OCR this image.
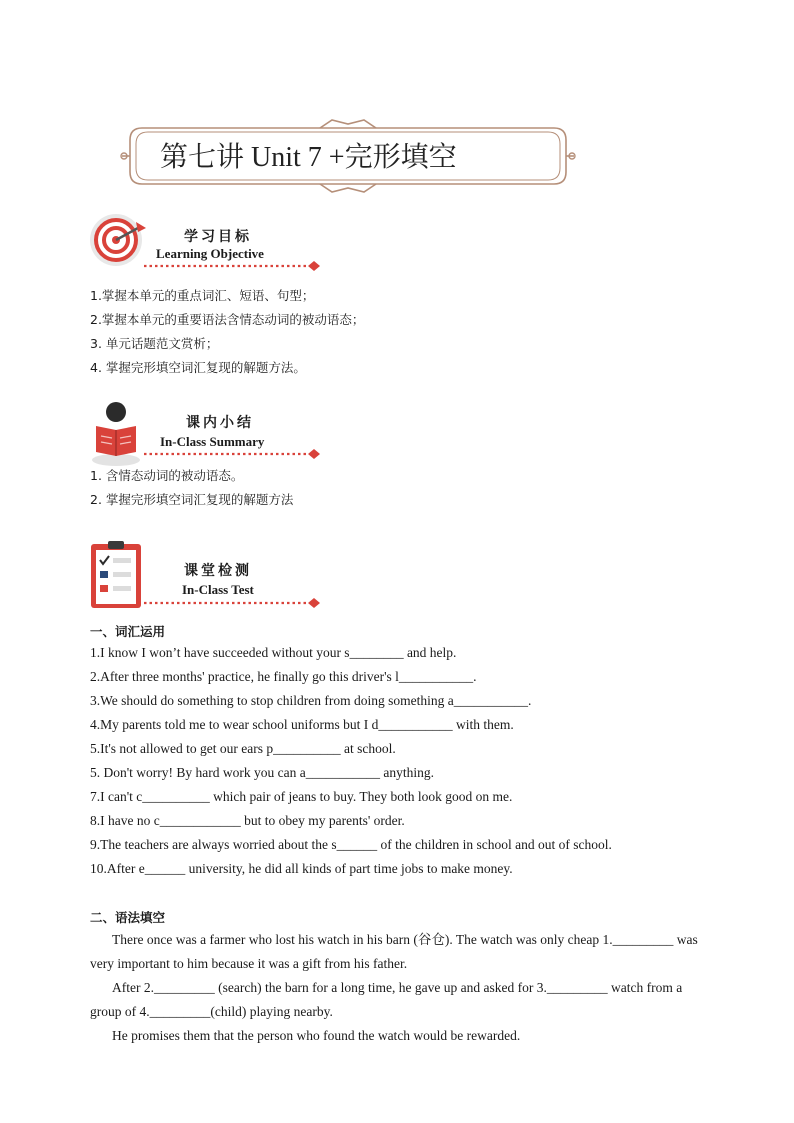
第七讲 Unit 7 +完形填空
学习目标
Learning Objective
1.掌握本单元的重点词汇、短语、句型；
2.掌握本单元的重要语法含情态动词的被动语态；
3. 单元话题范文赏析；
4. 掌握完形填空词汇复现的解题方法。
课内小结
In-Class Summary
1. 含情态动词的被动语态。
2. 掌握完形填空词汇复现的解题方法
课堂检测
In-Class Test
一、词汇运用
1.I know I won’t have succeeded without your s________ and help.
2.After three months' practice, he finally go this driver's l___________.
3.We should do something to stop children from doing something a___________.
4.My parents told me to wear school uniforms but I d___________ with them.
5.It's not allowed to get our ears p__________ at school.
5. Don't worry! By hard work you can a___________ anything.
7.I can't c__________ which pair of jeans to buy. They both look good on me.
8.I have no c____________ but to obey my parents' order.
9.The teachers are always worried about the s______ of the children in school and out of school.
10.After e______ university, he did all kinds of part time jobs to make money.
二、语法填空
There once was a farmer who lost his watch in his barn (谷仓). The watch was only cheap 1._________ was very important to him because it was a gift from his father.
After 2._________ (search) the barn for a long time, he gave up and asked for 3._________ watch from a group of 4._________(child) playing nearby.
He promises them that the person who found the watch would be rewarded.
